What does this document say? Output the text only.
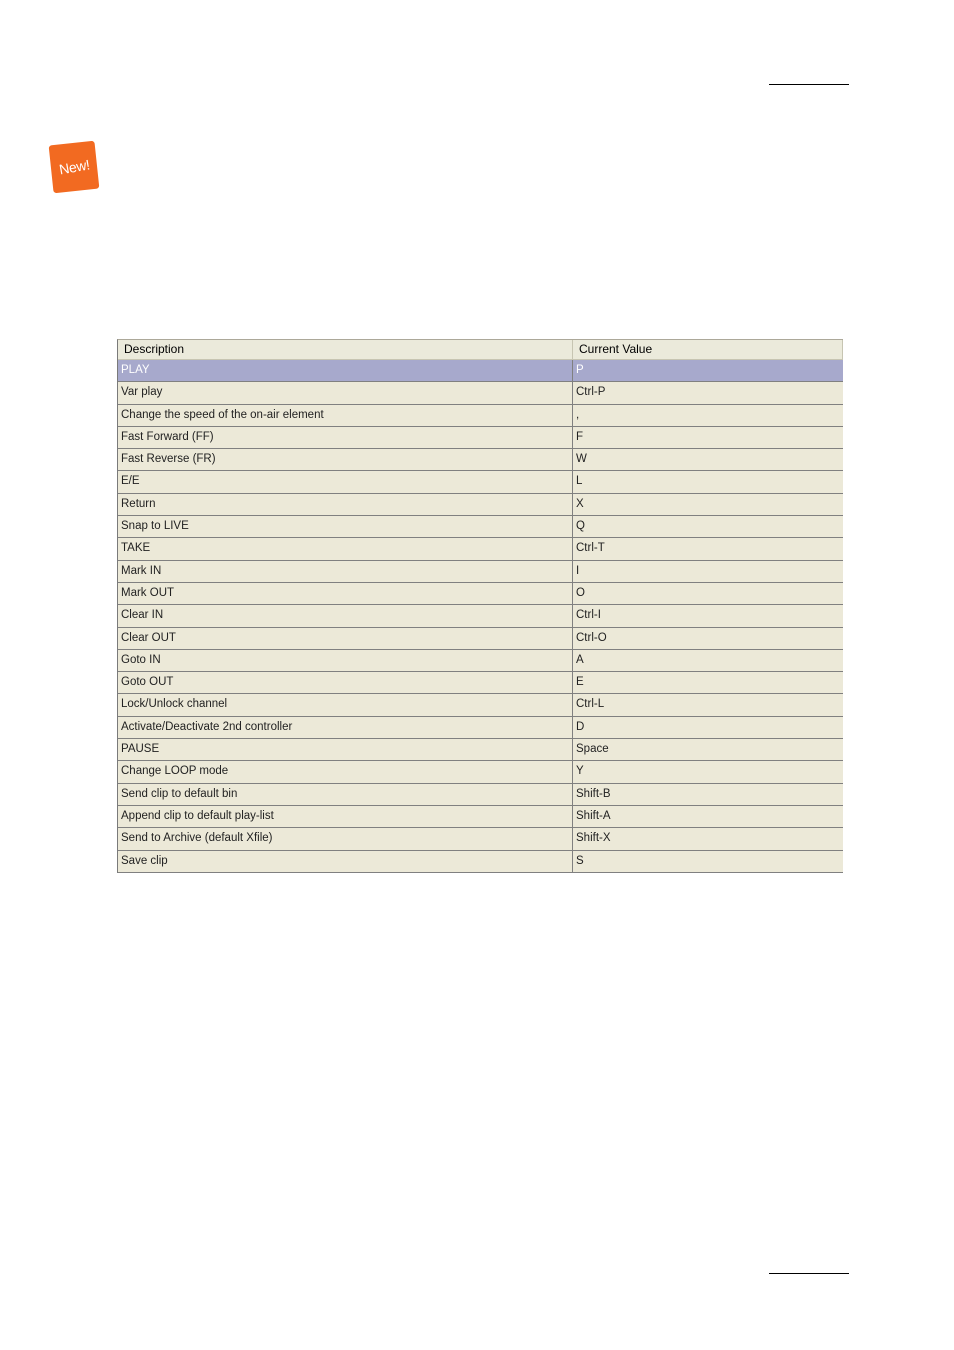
New!
Description	Current Value
PLAY	P
Var play	Ctrl-P
Change the speed of the on-air element	,
Fast Forward (FF)	F
Fast Reverse (FR)	W
E/E	L
Return	X
Snap to LIVE	Q
TAKE	Ctrl-T
Mark IN	I
Mark OUT	O
Clear IN	Ctrl-I
Clear OUT	Ctrl-O
Goto IN	A
Goto OUT	E
Lock/Unlock channel	Ctrl-L
Activate/Deactivate 2nd controller	D
PAUSE	Space
Change LOOP mode	Y
Send clip to default bin	Shift-B
Append clip to default play-list	Shift-A
Send to Archive (default Xfile)	Shift-X
Save clip	S
